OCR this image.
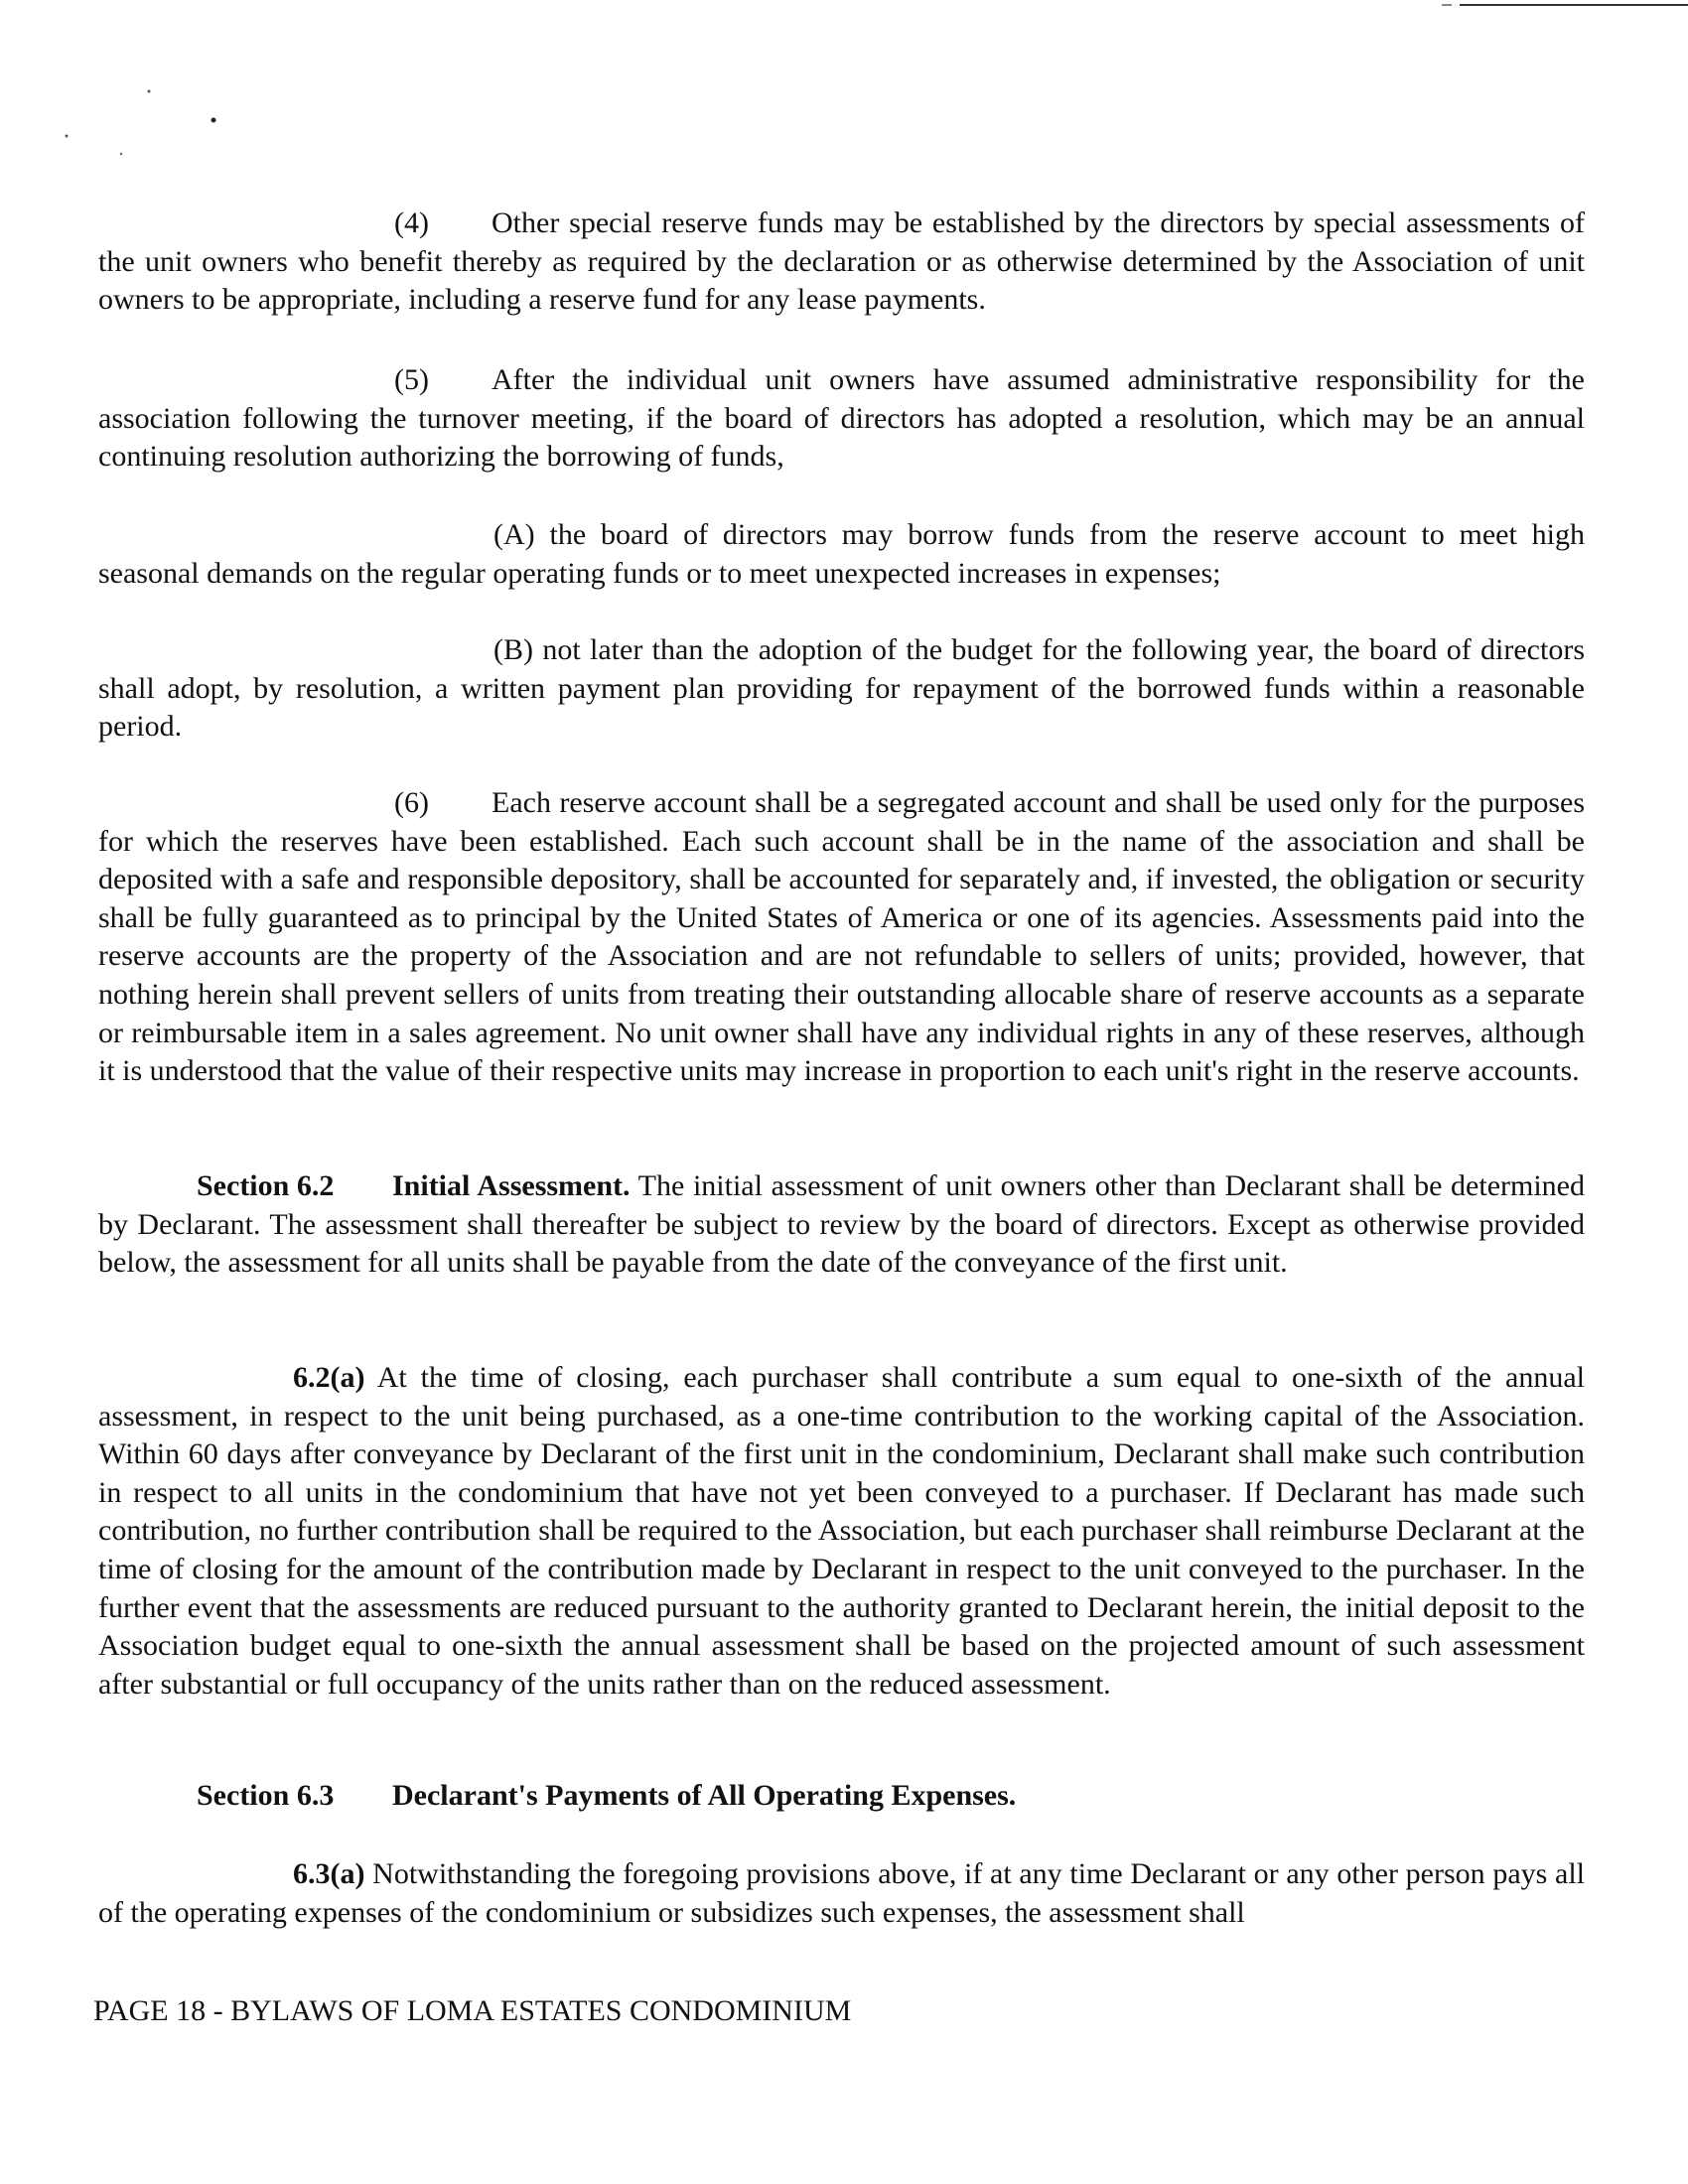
(4) Other special reserve funds may be established by the directors by special assessments of the unit owners who benefit thereby as required by the declaration or as otherwise determined by the Association of unit owners to be appropriate, including a reserve fund for any lease payments.

(5) After the individual unit owners have assumed administrative responsibility for the association following the turnover meeting, if the board of directors has adopted a resolution, which may be an annual continuing resolution authorizing the borrowing of funds,

(A) the board of directors may borrow funds from the reserve account to meet high seasonal demands on the regular operating funds or to meet unexpected increases in expenses;

(B) not later than the adoption of the budget for the following year, the board of directors shall adopt, by resolution, a written payment plan providing for repayment of the borrowed funds within a reasonable period.

(6) Each reserve account shall be a segregated account and shall be used only for the purposes for which the reserves have been established. Each such account shall be in the name of the association and shall be deposited with a safe and responsible depository, shall be accounted for separately and, if invested, the obligation or security shall be fully guaranteed as to principal by the United States of America or one of its agencies. Assessments paid into the reserve accounts are the property of the Association and are not refundable to sellers of units; provided, however, that nothing herein shall prevent sellers of units from treating their outstanding allocable share of reserve accounts as a separate or reimbursable item in a sales agreement. No unit owner shall have any individual rights in any of these reserves, although it is understood that the value of their respective units may increase in proportion to each unit's right in the reserve accounts.

Section 6.2 Initial Assessment. The initial assessment of unit owners other than Declarant shall be determined by Declarant. The assessment shall thereafter be subject to review by the board of directors. Except as otherwise provided below, the assessment for all units shall be payable from the date of the conveyance of the first unit.

6.2(a) At the time of closing, each purchaser shall contribute a sum equal to one-sixth of the annual assessment, in respect to the unit being purchased, as a one-time contribution to the working capital of the Association. Within 60 days after conveyance by Declarant of the first unit in the condominium, Declarant shall make such contribution in respect to all units in the condominium that have not yet been conveyed to a purchaser. If Declarant has made such contribution, no further contribution shall be required to the Association, but each purchaser shall reimburse Declarant at the time of closing for the amount of the contribution made by Declarant in respect to the unit conveyed to the purchaser. In the further event that the assessments are reduced pursuant to the authority granted to Declarant herein, the initial deposit to the Association budget equal to one-sixth the annual assessment shall be based on the projected amount of such assessment after substantial or full occupancy of the units rather than on the reduced assessment.

Section 6.3 Declarant's Payments of All Operating Expenses.

6.3(a) Notwithstanding the foregoing provisions above, if at any time Declarant or any other person pays all of the operating expenses of the condominium or subsidizes such expenses, the assessment shall

PAGE 18 - BYLAWS OF LOMA ESTATES CONDOMINIUM
